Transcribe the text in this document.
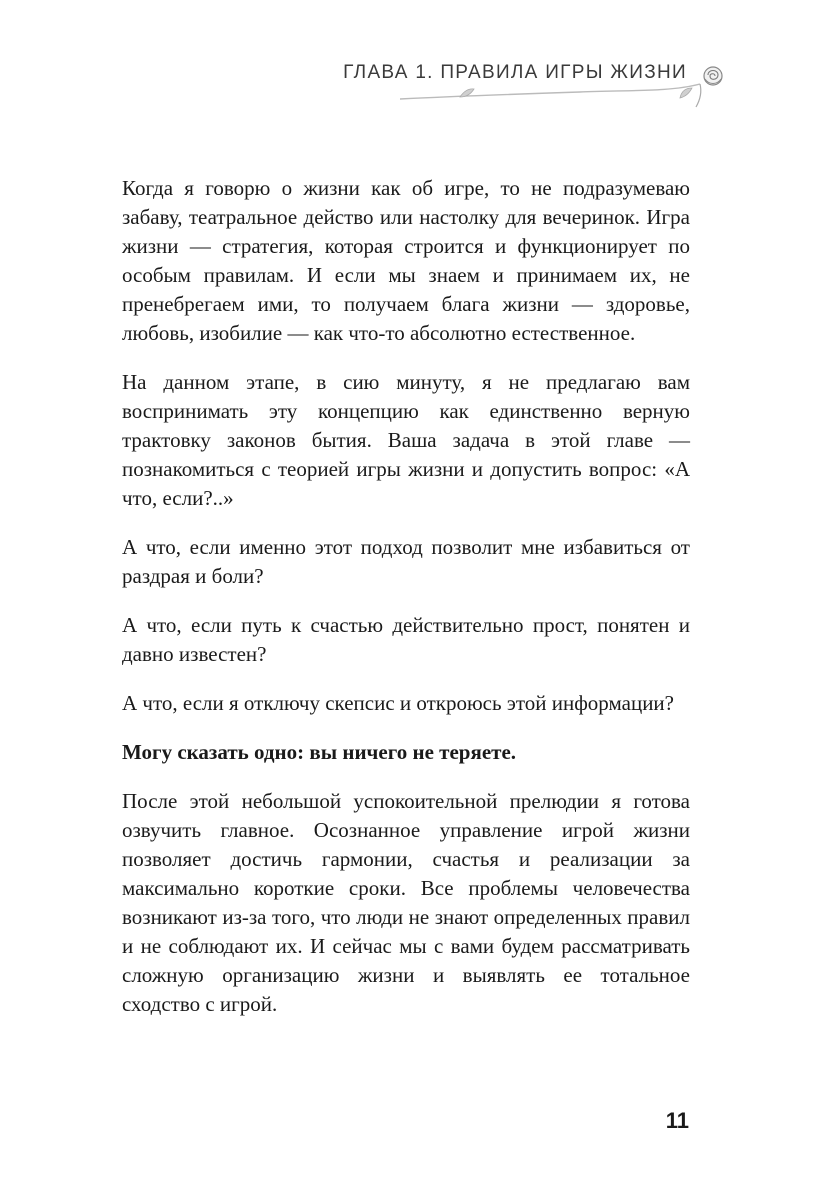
ГЛАВА 1. ПРАВИЛА ИГРЫ ЖИЗНИ

Когда я говорю о жизни как об игре, то не подразумеваю забаву, театральное действо или настолку для вечеринок. Игра жизни — стратегия, которая строится и функционирует по особым правилам. И если мы знаем и принимаем их, не пренебрегаем ими, то получаем блага жизни — здоровье, любовь, изобилие — как что-то абсолютно естественное.

На данном этапе, в сию минуту, я не предлагаю вам воспринимать эту концепцию как единственно верную трактовку законов бытия. Ваша задача в этой главе — познакомиться с теорией игры жизни и допустить вопрос: «А что, если?..»

А что, если именно этот подход позволит мне избавиться от раздрая и боли?

А что, если путь к счастью действительно прост, понятен и давно известен?

А что, если я отключу скепсис и откроюсь этой информации?

Могу сказать одно: вы ничего не теряете.

После этой небольшой успокоительной прелюдии я готова озвучить главное. Осознанное управление игрой жизни позволяет достичь гармонии, счастья и реализации за максимально короткие сроки. Все проблемы человечества возникают из-за того, что люди не знают определенных правил и не соблюдают их. И сейчас мы с вами будем рассматривать сложную организацию жизни и выявлять ее тотальное сходство с игрой.

11
